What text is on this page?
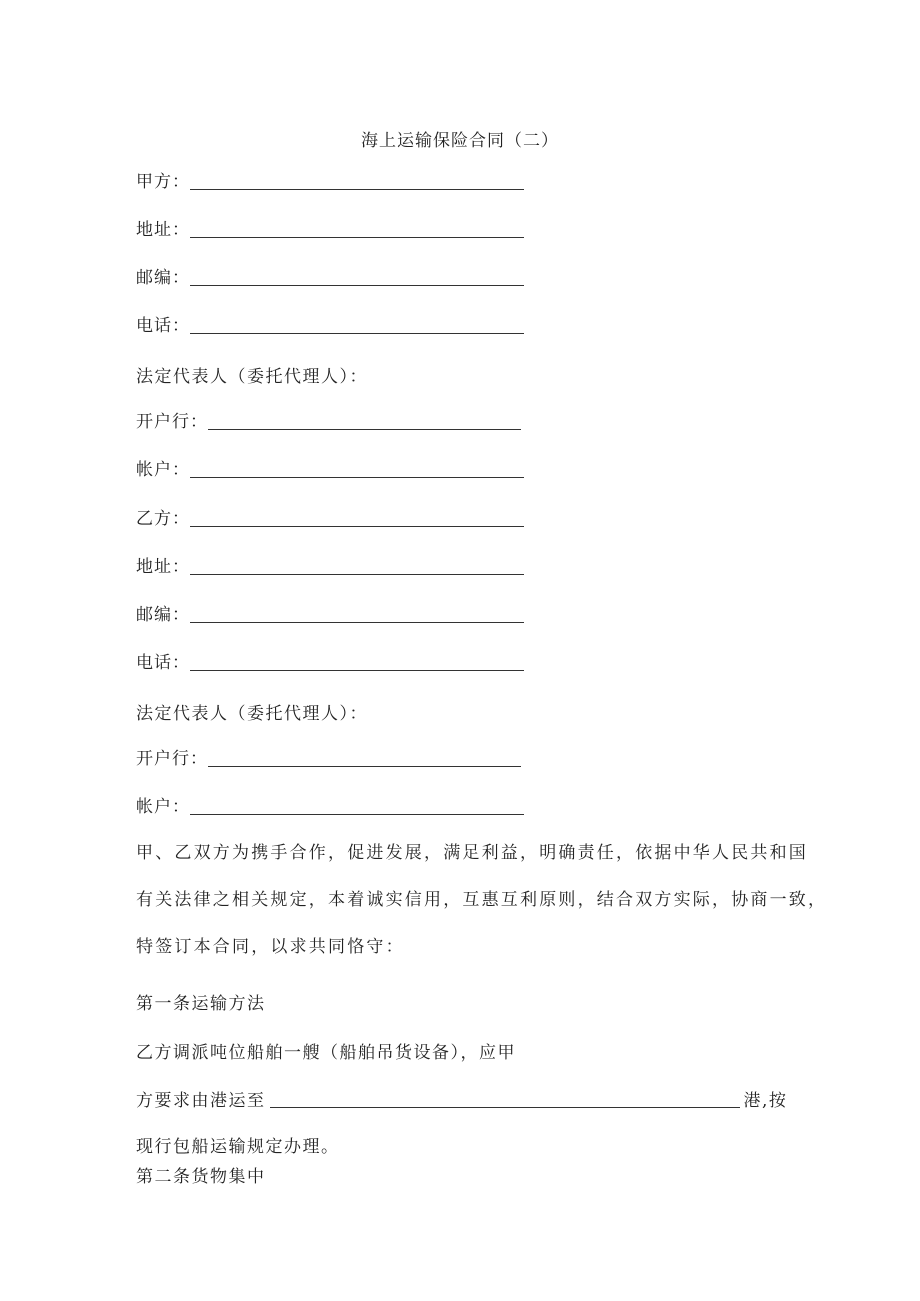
海上运输保险合同（二）
甲方：
地址：
邮编：
电话：
法定代表人（委托代理人）：
开户行：
帐户：
乙方：
地址：
邮编：
电话：
法定代表人（委托代理人）：
开户行：
帐户：

甲、乙双方为携手合作，促进发展，满足利益，明确责任，依据中华人民共和国

有关法律之相关规定，本着诚实信用，互惠互利原则，结合双方实际，协商一致，

特签订本合同，以求共同恪守：

第一条运输方法
乙方调派吨位船舶一艘（船舶吊货设备），应甲
方要求由港运至	港,按
现行包船运输规定办理。
第二条货物集中
